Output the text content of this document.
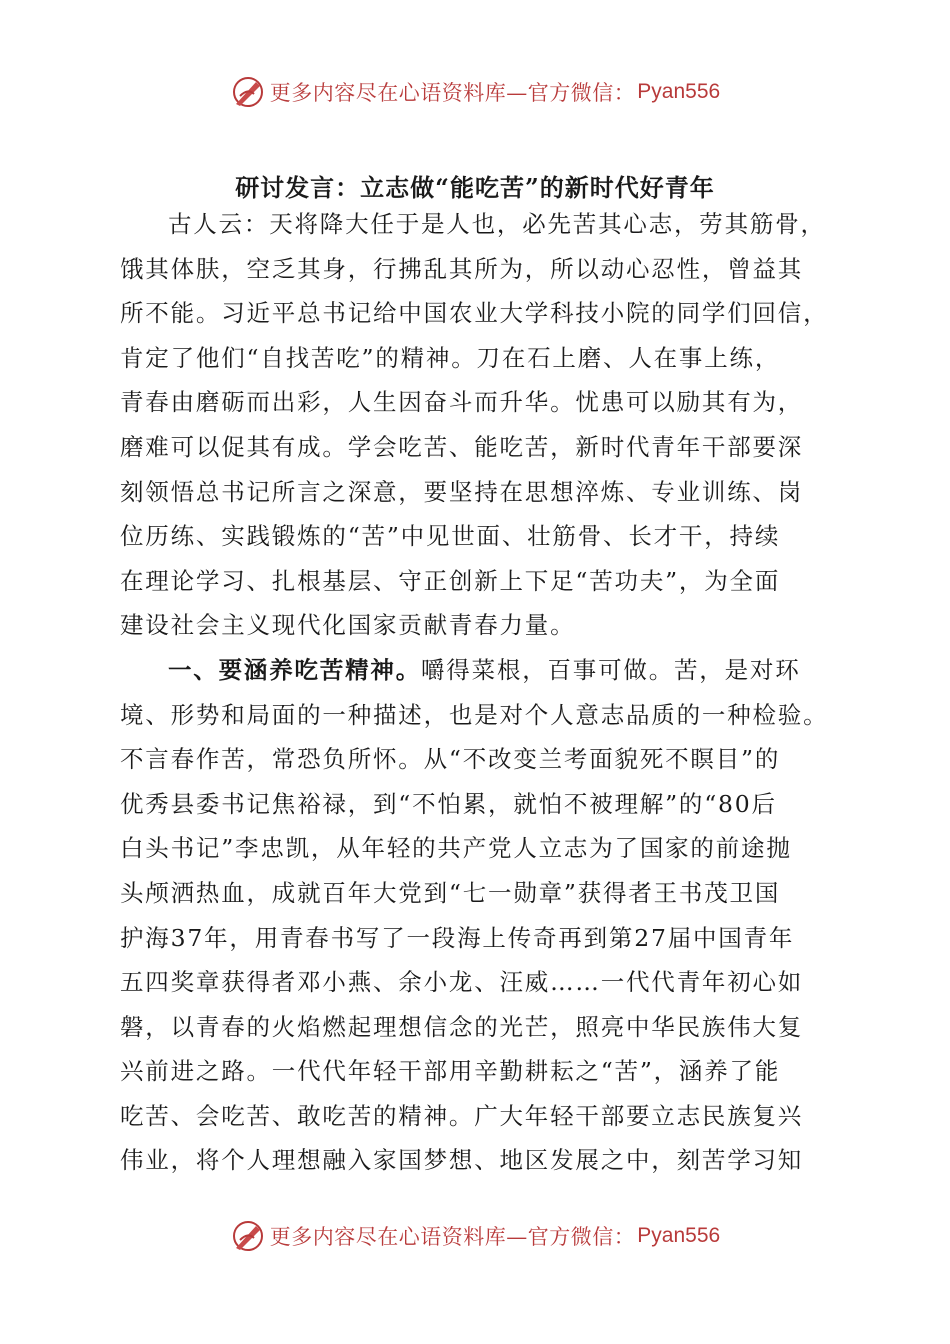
更多内容尽在心语资料库—官方微信： Pyan556
研讨发言：立志做“能吃苦”的新时代好青年

古人云：天将降大任于是人也，必先苦其心志，劳其筋骨，
饿其体肤，空乏其身，行拂乱其所为，所以动心忍性，曾益其
所不能。习近平总书记给中国农业大学科技小院的同学们回信，
肯定了他们“自找苦吃”的精神。刀在石上磨、人在事上练，
青春由磨砺而出彩，人生因奋斗而升华。忧患可以励其有为，
磨难可以促其有成。学会吃苦、能吃苦，新时代青年干部要深
刻领悟总书记所言之深意，要坚持在思想淬炼、专业训练、岗
位历练、实践锻炼的“苦”中见世面、壮筋骨、长才干，持续
在理论学习、扎根基层、守正创新上下足“苦功夫”，为全面
建设社会主义现代化国家贡献青春力量。

一、要涵养吃苦精神。嚼得菜根，百事可做。苦，是对环
境、形势和局面的一种描述，也是对个人意志品质的一种检验。
不言春作苦，常恐负所怀。从“不改变兰考面貌死不瞑目”的
优秀县委书记焦裕禄，到“不怕累，就怕不被理解”的“80后
白头书记”李忠凯，从年轻的共产党人立志为了国家的前途抛
头颅洒热血，成就百年大党到“七一勋章”获得者王书茂卫国
护海37年，用青春书写了一段海上传奇再到第27届中国青年
五四奖章获得者邓小燕、余小龙、汪威……一代代青年初心如
磐，以青春的火焰燃起理想信念的光芒，照亮中华民族伟大复
兴前进之路。一代代年轻干部用辛勤耕耘之“苦”，涵养了能
吃苦、会吃苦、敢吃苦的精神。广大年轻干部要立志民族复兴
伟业，将个人理想融入家国梦想、地区发展之中，刻苦学习知

更多内容尽在心语资料库—官方微信： Pyan556
